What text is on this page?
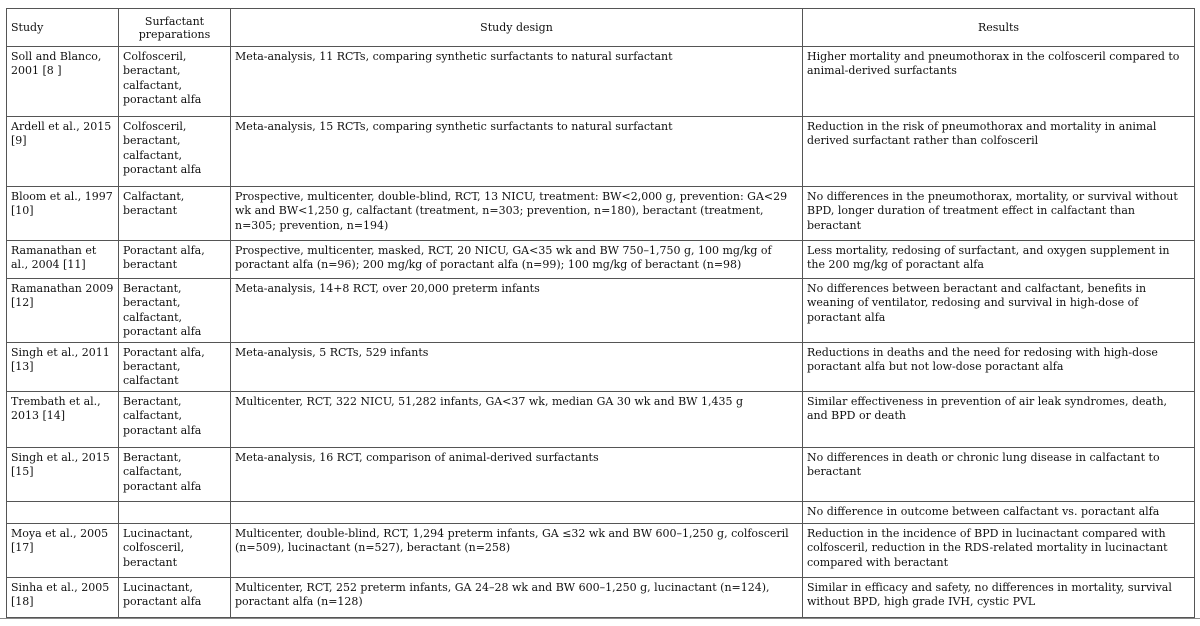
Study	Surfactant preparations	Study design	Results
Soll and Blanco, 2001 [8 ]	Colfosceril, beractant, calfactant, poractant alfa	Meta-analysis, 11 RCTs, comparing synthetic surfactants to natural surfactant	Higher mortality and pneumothorax in the colfosceril compared to animal-derived surfactants
Ardell et al., 2015 [9]	Colfosceril, beractant, calfactant, poractant alfa	Meta-analysis, 15 RCTs, comparing synthetic surfactants to natural surfactant	Reduction in the risk of pneumothorax and mortality in animal derived surfactant rather than colfosceril
Bloom et al., 1997 [10]	Calfactant, beractant	Prospective, multicenter, double-blind, RCT, 13 NICU, treatment: BW<2,000 g, prevention: GA<29 wk and BW<1,250 g, calfactant (treatment, n=303; prevention, n=180), beractant (treatment, n=305; prevention, n=194)	No differences in the pneumothorax, mortality, or survival without BPD, longer duration of treatment effect in calfactant than beractant
Ramanathan et al., 2004 [11]	Poractant alfa, beractant	Prospective, multicenter, masked, RCT, 20 NICU, GA<35 wk and BW 750–1,750 g, 100 mg/kg of poractant alfa (n=96); 200 mg/kg of poractant alfa (n=99); 100 mg/kg of beractant (n=98)	Less mortality, redosing of surfactant, and oxygen supplement in the 200 mg/kg of poractant alfa
Ramanathan 2009 [12]	Beractant, beractant, calfactant, poractant alfa	Meta-analysis, 14+8 RCT, over 20,000 preterm infants	No differences between beractant and calfactant, benefits in weaning of ventilator, redosing and survival in high-dose of poractant alfa
Singh et al., 2011 [13]	Poractant alfa, beractant, calfactant	Meta-analysis, 5 RCTs, 529 infants	Reductions in deaths and the need for redosing with high-dose poractant alfa but not low-dose poractant alfa
Trembath et al., 2013 [14]	Beractant, calfactant, poractant alfa	Multicenter, RCT, 322 NICU, 51,282 infants, GA<37 wk, median GA 30 wk and BW 1,435 g	Similar effectiveness in prevention of air leak syndromes, death, and BPD or death
Singh et al., 2015 [15]	Beractant, calfactant, poractant alfa	Meta-analysis, 16 RCT, comparison of animal-derived surfactants	No differences in death or chronic lung disease in calfactant to beractant
			No difference in outcome between calfactant vs. poractant alfa
Moya et al., 2005 [17]	Lucinactant, colfosceril, beractant	Multicenter, double-blind, RCT, 1,294 preterm infants, GA ≤32 wk and BW 600–1,250 g, colfosceril (n=509), lucinactant (n=527), beractant (n=258)	Reduction in the incidence of BPD in lucinactant compared with colfosceril, reduction in the RDS-related mortality in lucinactant compared with beractant
Sinha et al., 2005 [18]	Lucinactant, poractant alfa	Multicenter, RCT, 252 preterm infants, GA 24–28 wk and BW 600–1,250 g, lucinactant (n=124), poractant alfa (n=128)	Similar in efficacy and safety, no differences in mortality, survival without BPD, high grade IVH, cystic PVL
